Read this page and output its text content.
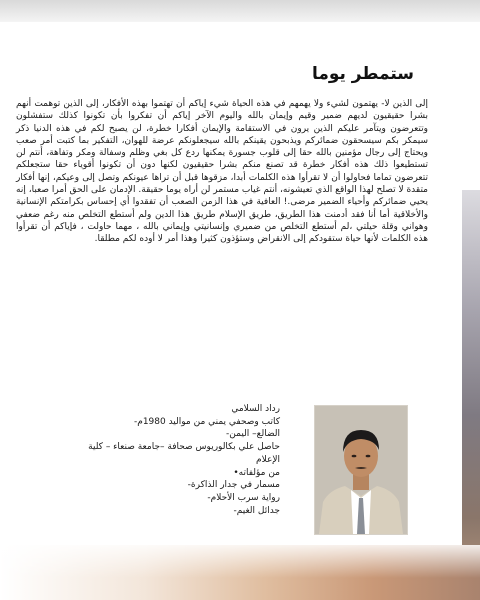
ستمطر يوما

إلى الذين لا- يهتمون لشيء ولا يهمهم في هذه الحياة شيء إياكم أن تهتموا بهذه الأفكار، إلى الذين توهمت أنهم بشرا حقيقيون لديهم ضمير وقيم وإيمان بالله واليوم الآخر إياكم أن تفكروا بأن تكونوا كذلك ستفشلون وتتعرضون ويتآمر عليكم الذين يرون في الاستقامة والإيمان أفكارا خطرة، لن يصبح لكم في هذه الدنيا ذكر سيمكر بكم سيسحقون ضمائركم ويذبحون يقينكم بالله سيجعلونكم عرضة للهوان، التفكير بما كتبت أمر صعب ويحتاج إلى رجال مؤمنين بالله حقا إلى قلوب جسورة يمكنها ردع كل بغي وظلم وسفالة ومكر وتفاهة، أنتم لن تستطيعوا ذلك هذه أفكار خطرة قد تصنع منكم بشرا حقيقيون لكنها دون أن تكونوا أقوياء حقا ستجعلكم تتعرضون تماما فحاولوا أن لا تقرأوا هذه الكلمات أبدا، مزقوها قبل أن تراها عيونكم وتصل إلى وعيكم، إنها أفكار متقدة لا تصلح لهذا الواقع الذي تعيشونه، أنتم غياب مستمر لن أراه يوما حقيقة. الإدمان على الحق أمرا صعبا، إنه يحيي ضمائركم وأحياء الضمير مرضى.! العافية في هذا الزمن الصعب أن تفقدوا أي إحساس بكرامتكم الإنسانية والأخلاقية أما أنا فقد أدمنت هذا الطريق، طريق الإسلام طريق هذا الدين ولم أستطع التخلص منه رغم ضعفي وهواني وقلة حيلتي ،لم أستطع التخلص من ضميري وإنسانيتي وإيماني بالله ، مهما حاولت ، فإياكم أن تقرأوا هذه الكلمات لأنها حياة ستقودكم إلى الانقراض وستؤذون كثيرا وهذا أمر لا أوده لكم مطلقا.

رداد السلامي
كاتب وصحفي يمني من مواليد 1980م-
الضالع– اليمن-
حاصل علي بكالوريوس صحافة –جامعة صنعاء – كلية الإعلام
من مؤلفاته•
مسمار في جدار الذاكرة-
رواية سرب الأحلام-
جدائل الغيم-
